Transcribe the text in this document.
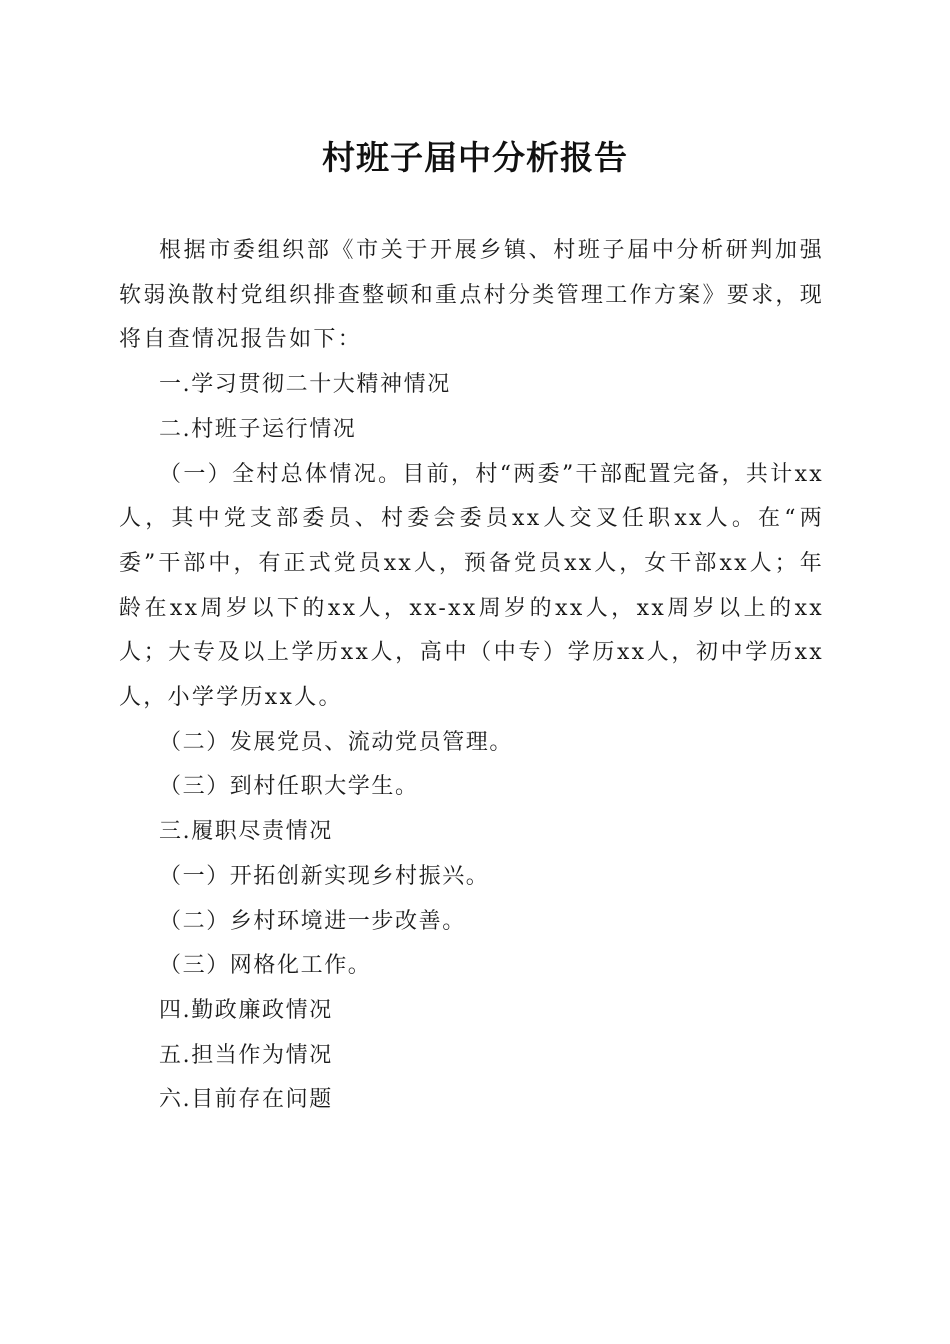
村班子届中分析报告

根据市委组织部《市关于开展乡镇、村班子届中分析研判加强软弱涣散村党组织排查整顿和重点村分类管理工作方案》要求，现将自查情况报告如下：

一.学习贯彻二十大精神情况

二.村班子运行情况

（一）全村总体情况。目前，村“两委”干部配置完备，共计xx人，其中党支部委员、村委会委员xx人交叉任职xx人。在“两委”干部中，有正式党员xx人，预备党员xx人，女干部xx人；年龄在xx周岁以下的xx人，xx-xx周岁的xx人，xx周岁以上的xx人；大专及以上学历xx人，高中（中专）学历xx人，初中学历xx人，小学学历xx人。

（二）发展党员、流动党员管理。

（三）到村任职大学生。

三.履职尽责情况

（一）开拓创新实现乡村振兴。

（二）乡村环境进一步改善。

（三）网格化工作。

四.勤政廉政情况

五.担当作为情况

六.目前存在问题
